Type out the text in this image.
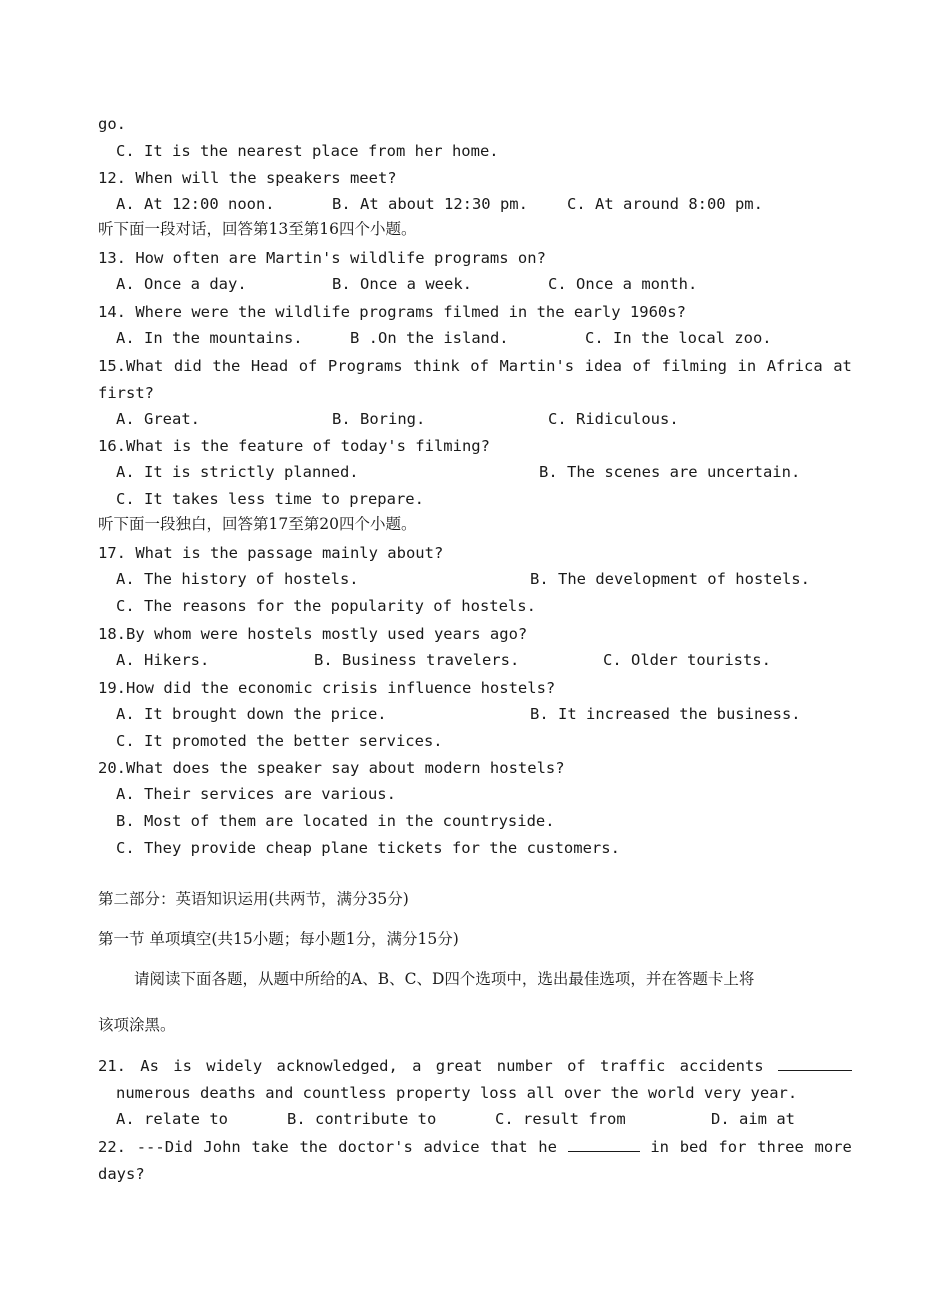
go.
C. It is the nearest place from her home.
12. When will the speakers meet?
A. At 12:00 noon.	B. At about 12:30 pm.	C. At around 8:00 pm.
听下面一段对话，回答第13至第16四个小题。
13. How often are Martin's wildlife programs on?
A. Once a day.	B. Once a week.	C. Once a month.
14. Where were the wildlife programs filmed in the early 1960s?
A. In the mountains.	B .On the island.	C. In the local zoo.
15.What did the Head of Programs think of Martin's idea of filming in Africa at
first?
A. Great.	B. Boring.	C. Ridiculous.
16.What is the feature of today's filming?
A. It is strictly planned.	B. The scenes are uncertain.
C. It takes less time to prepare.
听下面一段独白，回答第17至第20四个小题。
17. What is the passage mainly about?
A. The history of hostels.	B. The development of hostels.
C. The reasons for the popularity of hostels.
18.By whom were hostels mostly used years ago?
A. Hikers.	B. Business travelers.	C. Older tourists.
19.How did the economic crisis influence hostels?
A. It brought down the price.	B. It increased the business.
C. It promoted the better services.
20.What does the speaker say about modern hostels?
A. Their services are various.
B. Most of them are located in the countryside.
C. They provide cheap plane tickets for the customers.
第二部分：英语知识运用(共两节，满分35分)
第一节 单项填空(共15小题；每小题1分，满分15分)
请阅读下面各题，从题中所给的A、B、C、D四个选项中，选出最佳选项，并在答题卡上将
该项涂黑。
21. As is widely acknowledged, a great number of traffic accidents
numerous deaths and countless property loss all over the world very year.
A. relate to	B. contribute to	C. result from	D. aim at
22. ---Did John take the doctor's advice that he	in bed for three more
days?
